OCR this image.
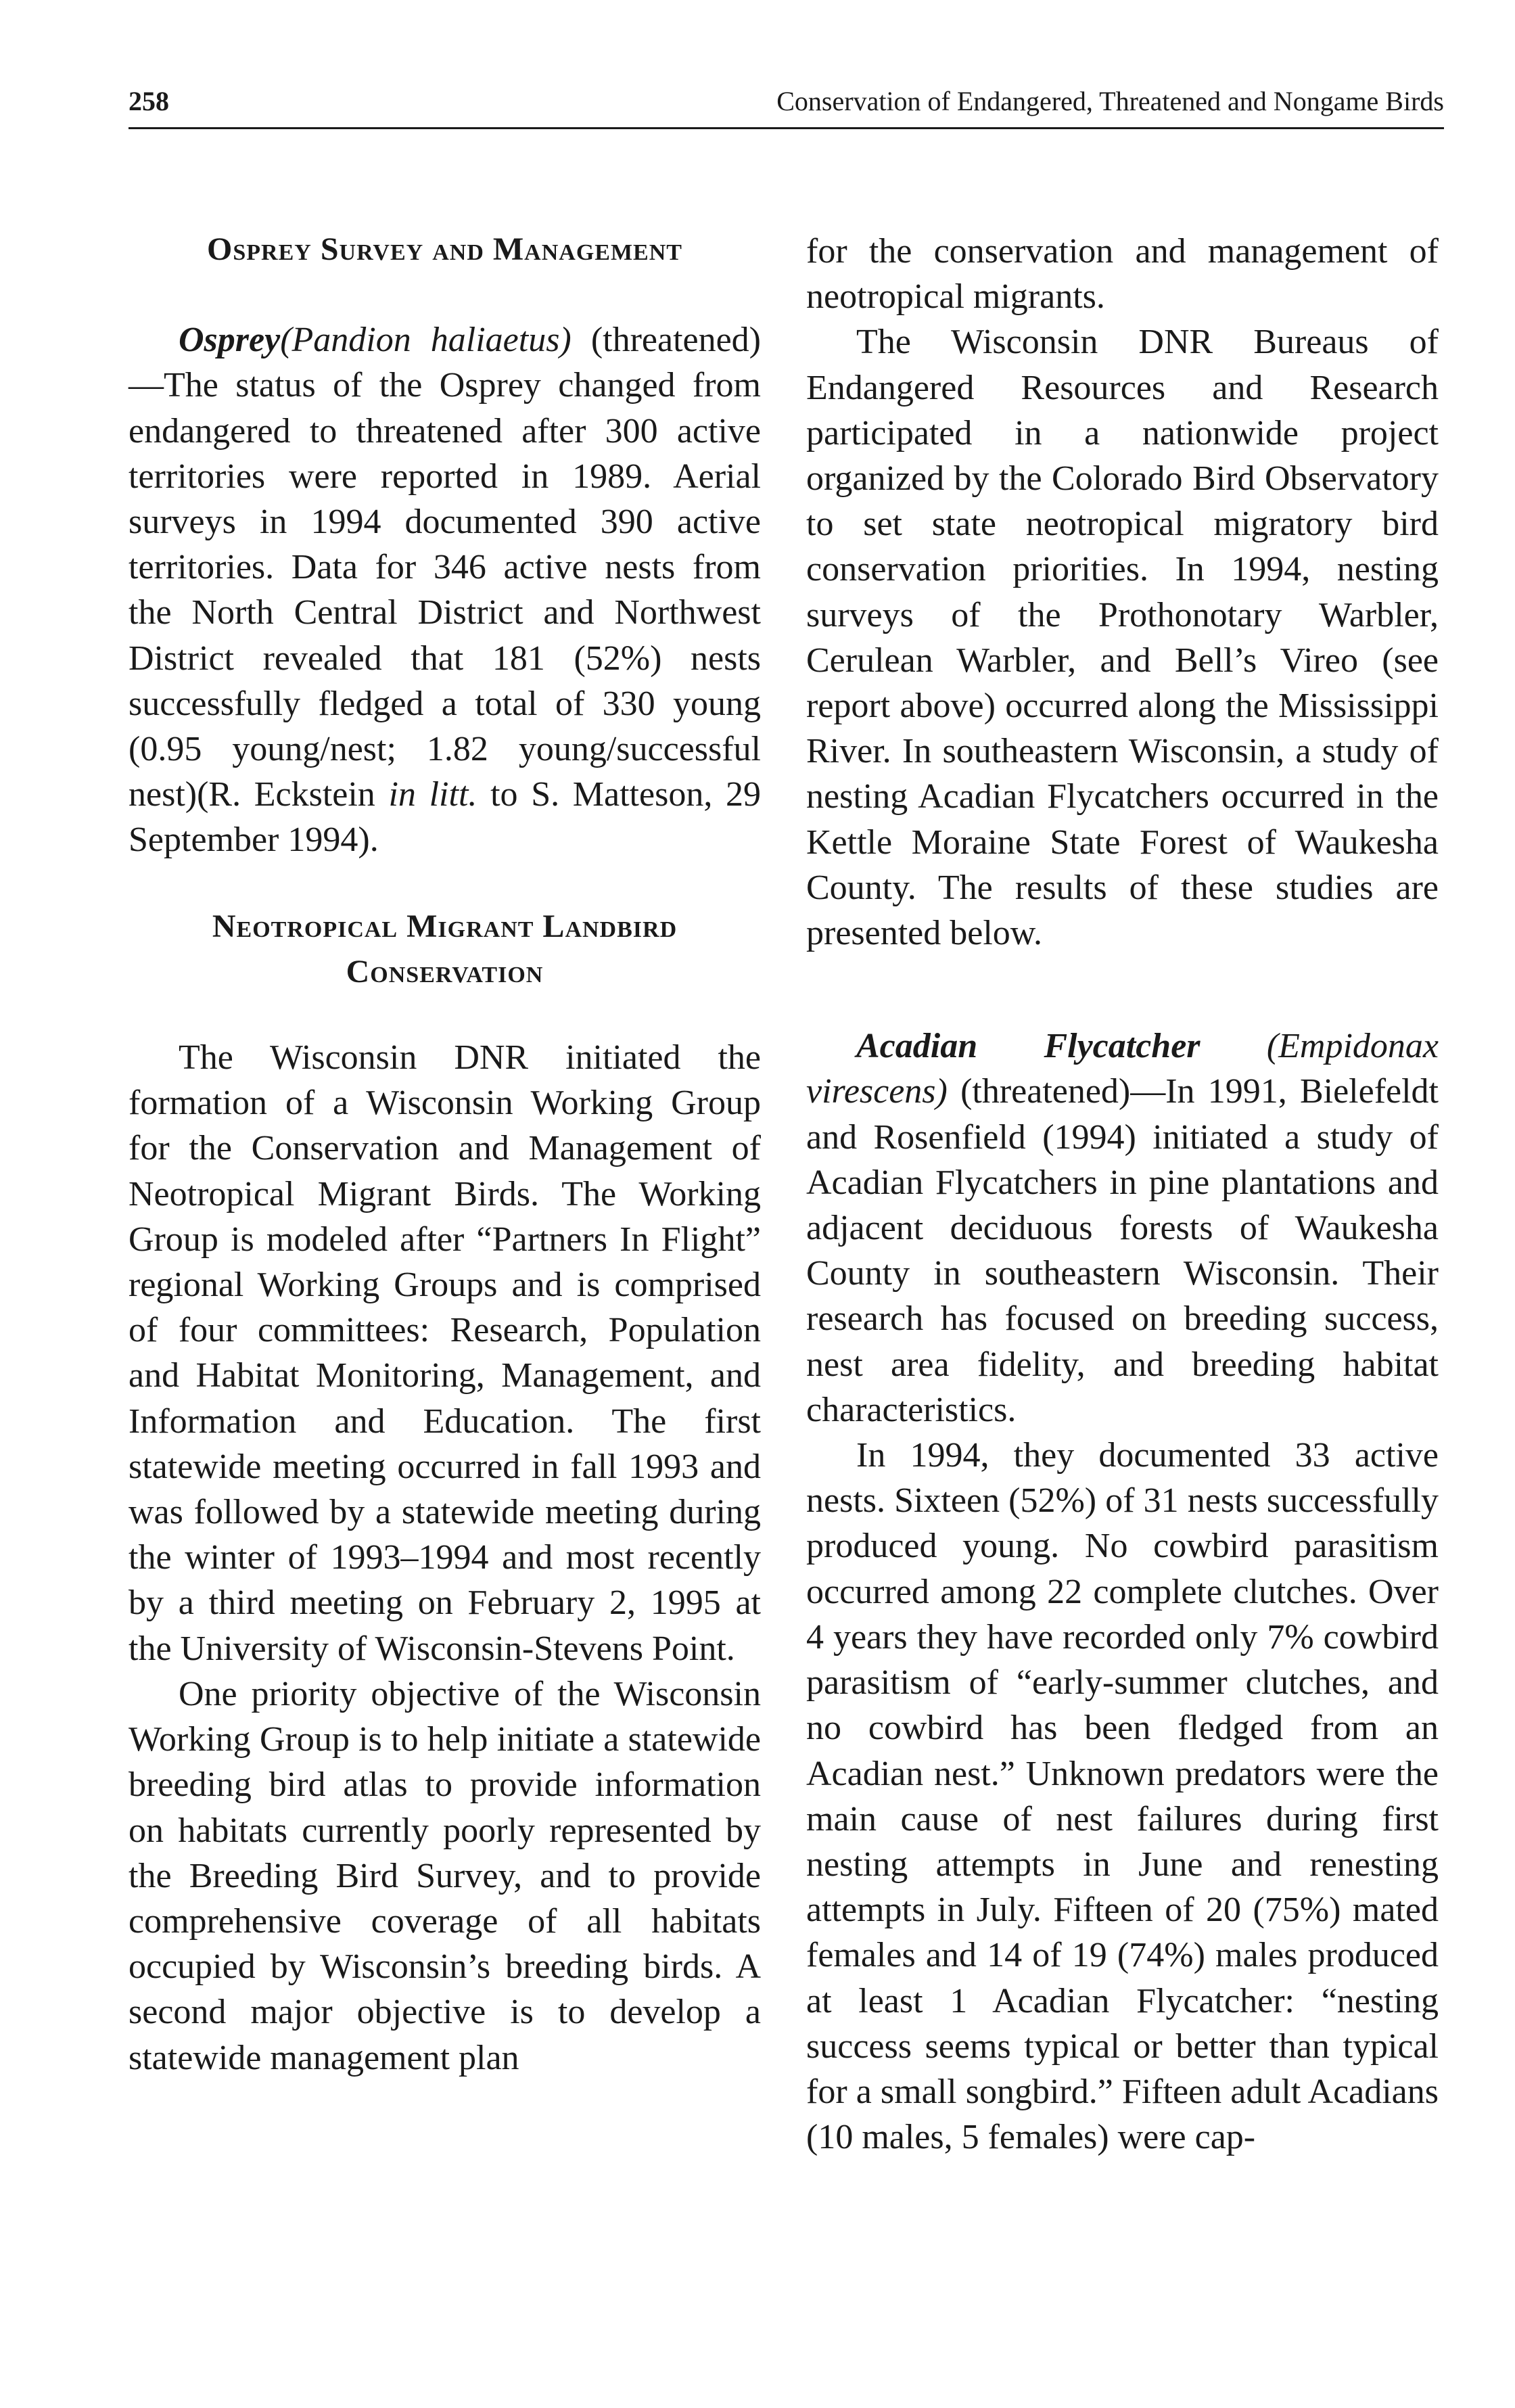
258	Conservation of Endangered, Threatened and Nongame Birds
Osprey Survey and Management

Osprey(Pandion haliaetus) (threatened)—The status of the Osprey changed from endangered to threatened after 300 active territories were reported in 1989. Aerial surveys in 1994 documented 390 active territories. Data for 346 active nests from the North Central District and Northwest District revealed that 181 (52%) nests successfully fledged a total of 330 young (0.95 young/nest; 1.82 young/successful nest)(R. Eckstein in litt. to S. Matteson, 29 September 1994).

Neotropical Migrant Landbird
Conservation

The Wisconsin DNR initiated the formation of a Wisconsin Working Group for the Conservation and Management of Neotropical Migrant Birds. The Working Group is modeled after “Partners In Flight” regional Working Groups and is comprised of four committees: Research, Population and Habitat Monitoring, Management, and Information and Education. The first statewide meeting occurred in fall 1993 and was followed by a statewide meeting during the winter of 1993–1994 and most recently by a third meeting on February 2, 1995 at the University of Wisconsin-Stevens Point.

One priority objective of the Wisconsin Working Group is to help initiate a statewide breeding bird atlas to provide information on habitats currently poorly represented by the Breeding Bird Survey, and to provide comprehensive coverage of all habitats occupied by Wisconsin’s breeding birds. A second major objective is to develop a statewide management plan

for the conservation and management of neotropical migrants.

The Wisconsin DNR Bureaus of Endangered Resources and Research participated in a nationwide project organized by the Colorado Bird Observatory to set state neotropical migratory bird conservation priorities. In 1994, nesting surveys of the Prothonotary Warbler, Cerulean Warbler, and Bell’s Vireo (see report above) occurred along the Mississippi River. In southeastern Wisconsin, a study of nesting Acadian Flycatchers occurred in the Kettle Moraine State Forest of Waukesha County. The results of these studies are presented below.

Acadian Flycatcher (Empidonax virescens) (threatened)—In 1991, Bielefeldt and Rosenfield (1994) initiated a study of Acadian Flycatchers in pine plantations and adjacent deciduous forests of Waukesha County in southeastern Wisconsin. Their research has focused on breeding success, nest area fidelity, and breeding habitat characteristics.

In 1994, they documented 33 active nests. Sixteen (52%) of 31 nests successfully produced young. No cowbird parasitism occurred among 22 complete clutches. Over 4 years they have recorded only 7% cowbird parasitism of “early-summer clutches, and no cowbird has been fledged from an Acadian nest.” Unknown predators were the main cause of nest failures during first nesting attempts in June and renesting attempts in July. Fifteen of 20 (75%) mated females and 14 of 19 (74%) males produced at least 1 Acadian Flycatcher: “nesting success seems typical or better than typical for a small songbird.” Fifteen adult Acadians (10 males, 5 females) were cap-
